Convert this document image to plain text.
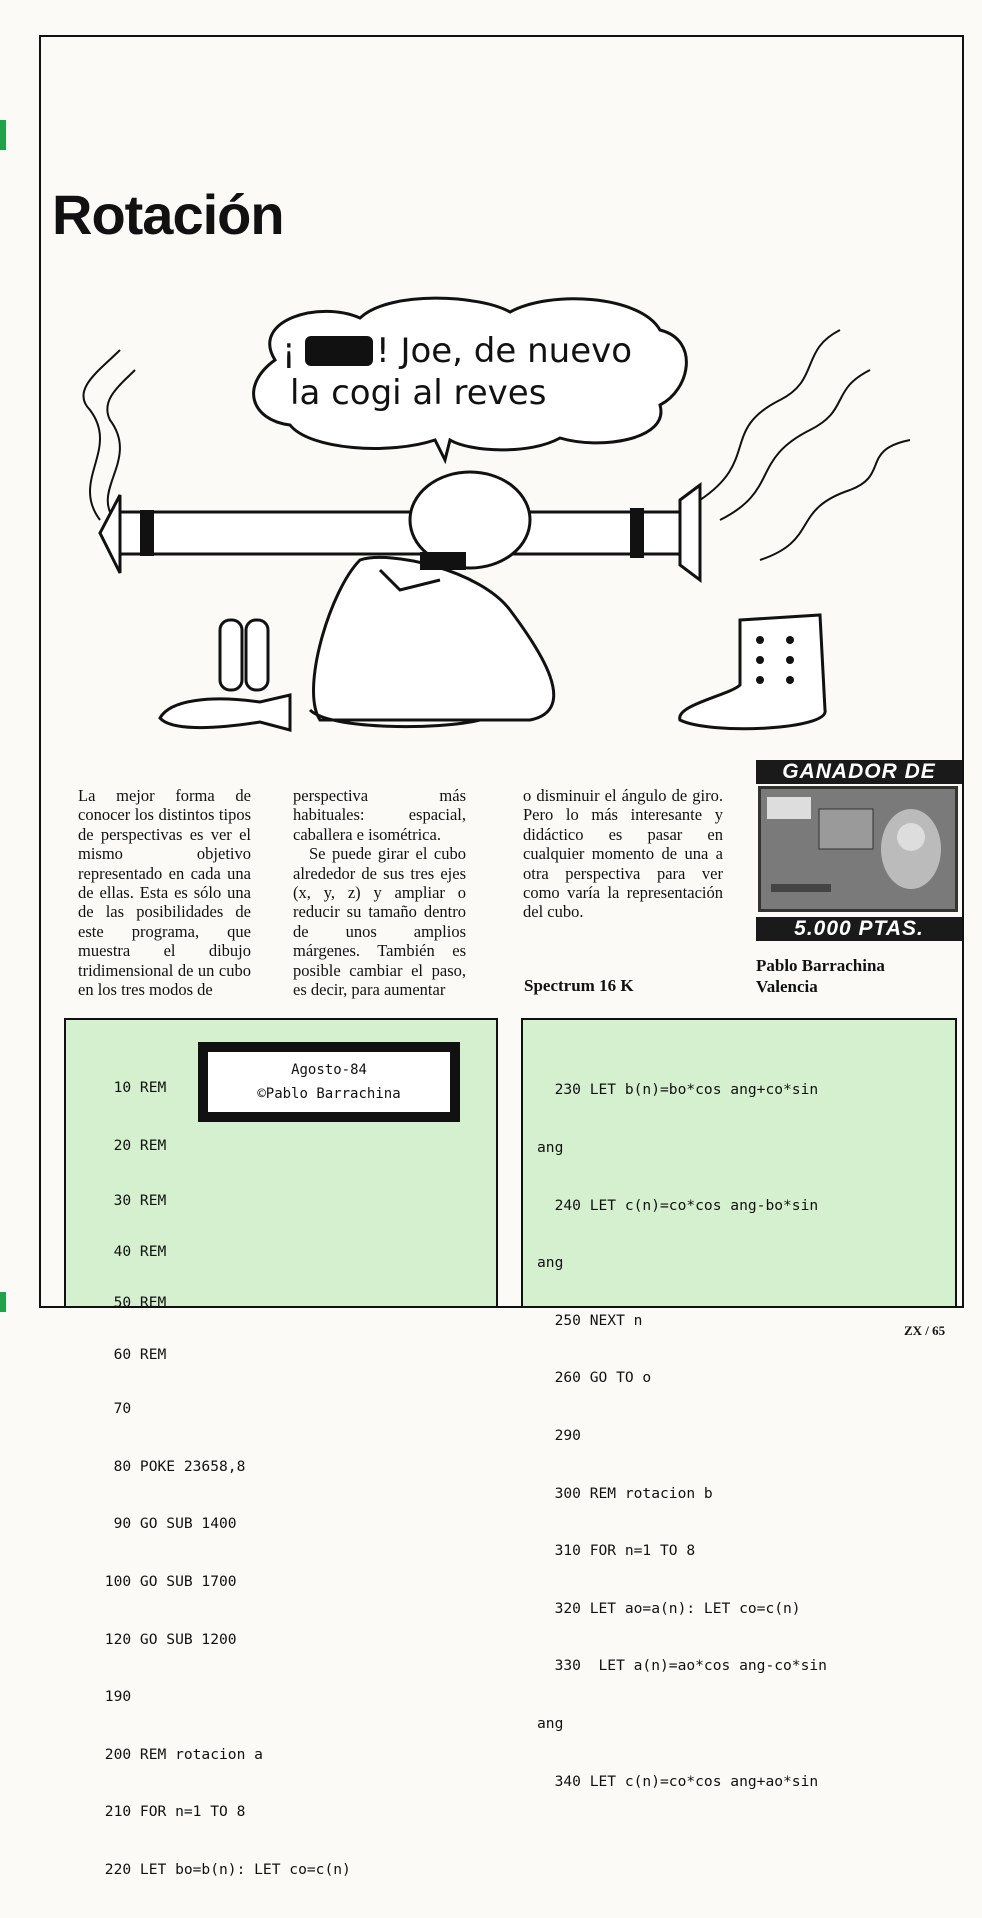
Rotación
¡ ! Joe, de nuevo
la cogi al reves

La mejor forma de conocer los distintos tipos de perspectivas es ver el mismo objetivo representado en cada una de ellas. Esta es sólo una de las posibilidades de este programa, que muestra el dibujo tridimensional de un cubo en los tres modos de

perspectiva más habituales: espacial, caballera e isométrica.

Se puede girar el cubo alrededor de sus tres ejes (x, y, z) y ampliar o reducir su tamaño dentro de unos amplios márgenes. También es posible cambiar el paso, es decir, para aumentar

o disminuir el ángulo de giro. Pero lo más interesante y didáctico es pasar en cualquier momento de una a otra perspectiva para ver como varía la representación del cubo.

Spectrum 16 K
GANADOR DE
5.000 PTAS.
Pablo Barrachina
Valencia
Agosto-84
©Pablo Barrachina

10 REM

20 REM

30 REM

40 REM

50 REM

60 REM

70

80 POKE 23658,8

90 GO SUB 1400

100 GO SUB 1700

120 GO SUB 1200

190

200 REM rotacion a

210 FOR n=1 TO 8

220 LET bo=b(n): LET co=c(n)

230 LET b(n)=bo*cos ang+co*sin

ang

240 LET c(n)=co*cos ang-bo*sin

ang

250 NEXT n

260 GO TO o

290

300 REM rotacion b

310 FOR n=1 TO 8

320 LET ao=a(n): LET co=c(n)

330  LET a(n)=ao*cos ang-co*sin

ang

340 LET c(n)=co*cos ang+ao*sin

ZX / 65
